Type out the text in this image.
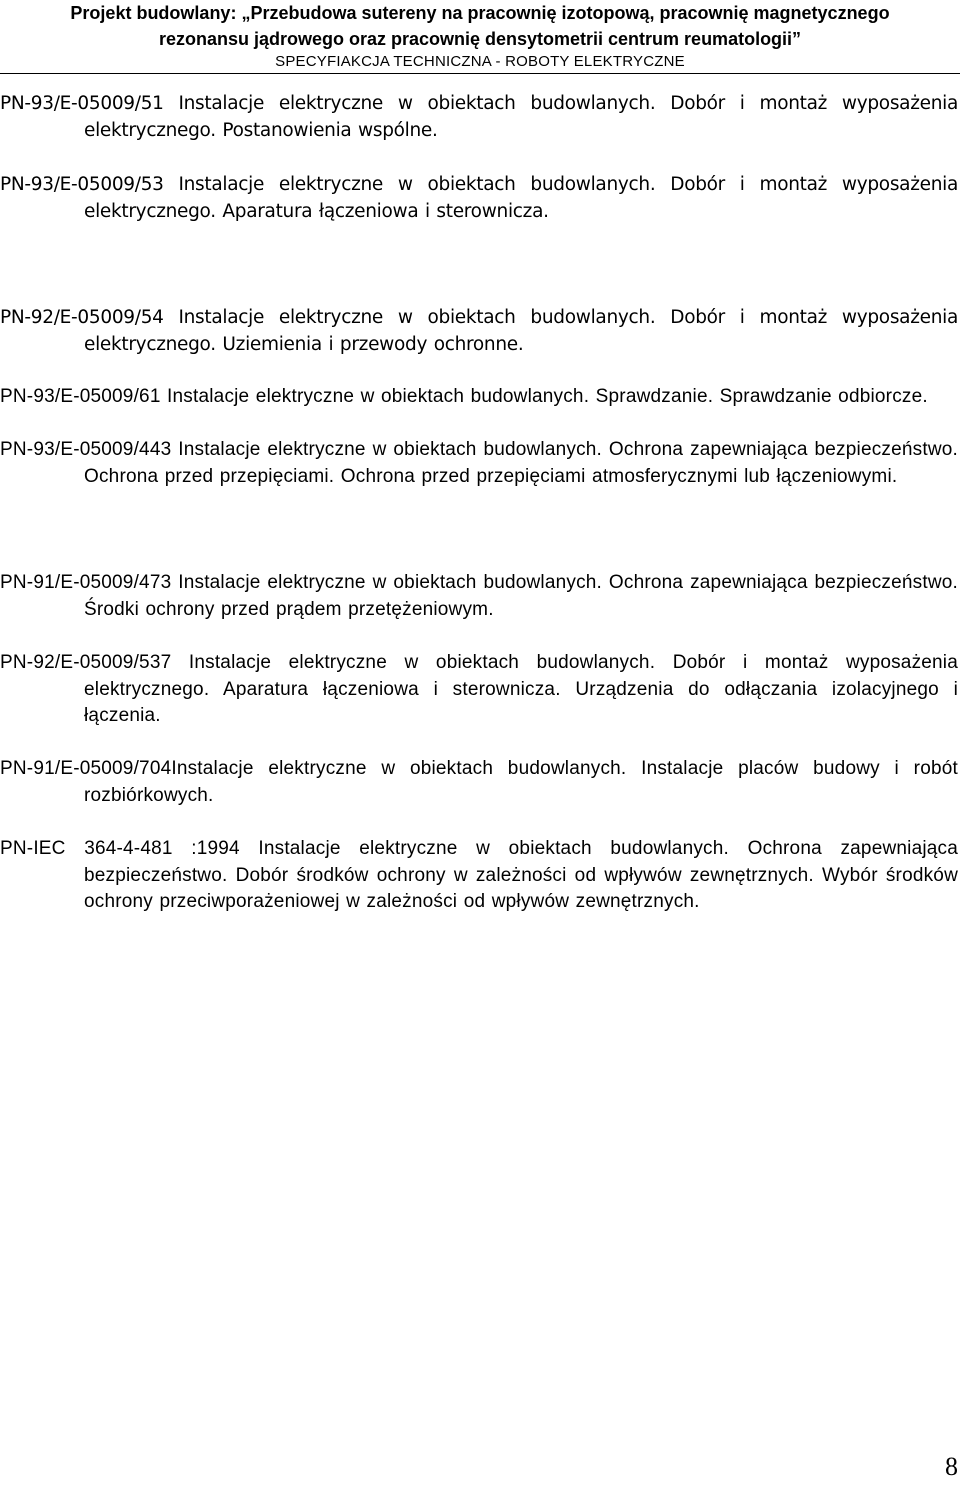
Projekt budowlany: „Przebudowa sutereny na pracownię izotopową, pracownię magnetycznego
rezonansu jądrowego oraz pracownię densytometrii centrum reumatologii”
SPECYFIAKCJA TECHNICZNA - ROBOTY ELEKTRYCZNE

PN-93/E-05009/51 Instalacje elektryczne w obiektach budowlanych. Dobór i montaż wyposażenia elektrycznego. Postanowienia wspólne.

PN-93/E-05009/53 Instalacje elektryczne w obiektach budowlanych. Dobór i montaż wyposażenia elektrycznego. Aparatura łączeniowa i sterownicza.

PN-92/E-05009/54 Instalacje elektryczne w obiektach budowlanych. Dobór i montaż wyposażenia elektrycznego. Uziemienia i przewody ochronne.

PN-93/E-05009/61 Instalacje elektryczne w obiektach budowlanych. Sprawdzanie. Sprawdzanie odbiorcze.

PN-93/E-05009/443 Instalacje elektryczne w obiektach budowlanych. Ochrona zapewniająca bezpieczeństwo. Ochrona przed przepięciami. Ochrona przed przepięciami atmosferycznymi lub łączeniowymi.

PN-91/E-05009/473 Instalacje elektryczne w obiektach budowlanych. Ochrona zapewniająca bezpieczeństwo. Środki ochrony przed prądem przetężeniowym.

PN-92/E-05009/537 Instalacje elektryczne w obiektach budowlanych. Dobór i montaż wyposażenia elektrycznego. Aparatura łączeniowa i sterownicza. Urządzenia do odłączania izolacyjnego i łączenia.

PN-91/E-05009/704Instalacje elektryczne w obiektach budowlanych. Instalacje placów budowy i robót rozbiórkowych.

PN-IEC 364-4-481 :1994 Instalacje elektryczne w obiektach budowlanych. Ochrona zapewniająca bezpieczeństwo. Dobór środków ochrony w zależności od wpływów zewnętrznych. Wybór środków ochrony przeciwporażeniowej w zależności od wpływów zewnętrznych.

8
